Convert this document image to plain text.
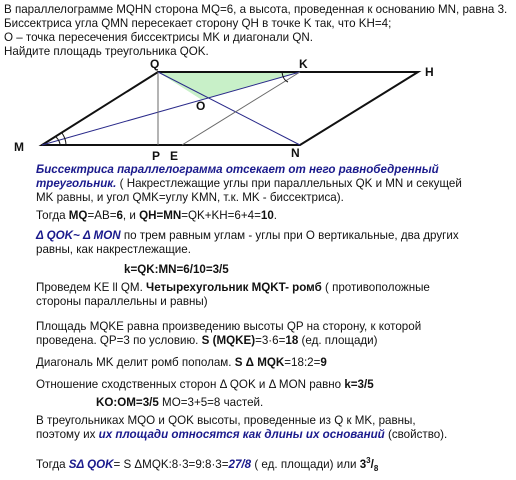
В параллелограмме MQHN сторона MQ=6, а высота, проведенная к основанию MN, равна 3.
Биссектриса угла QMN пересекает сторону QH в точке K так, что KH=4;
O – точка пересечения биссектрисы MK и диагонали QN.
Найдите площадь треугольника QOK.
Q	K
H
M	N
O
P E
Биссектриса параллелограмма отсекает от него равнобедренный
треугольник. ( Накрестлежащие углы при параллельных QK и MN и секущей
MK равны, и угол QMK=углу KMN, т.к. MK - биссектриса).
Тогда MQ=AB=6, и QH=MN=QK+KH=6+4=10.
Δ QOK~ Δ MON по трем равным углам - углы при O вертикальные, два других
равны, как накрестлежащие.
k=QK:MN=6/10=3/5
Проведем KE ll QM. Четырехугольник MQKT- ромб ( противоположные
стороны параллельны и равны)
Площадь MQKE равна произведению высоты QP на сторону, к которой
проведена. QP=3 по условию. S (MQKE)=3·6=18 (ед. площади)
Диагональ MK делит ромб пополам. S Δ MQK=18:2=9
Отношение сходственных сторон Δ QOK и Δ MON равно k=3/5
KO:OM=3/5 MO=3+5=8 частей.
В треугольниках MQO и QOK высоты, проведенные из Q к MK, равны,
поэтому их их площади относятся как длины их оснований (свойство).
Тогда SΔ QOK= S ΔMQK:8·3=9:8·3=27/8 ( ед. площади) или $3^3/_8$
